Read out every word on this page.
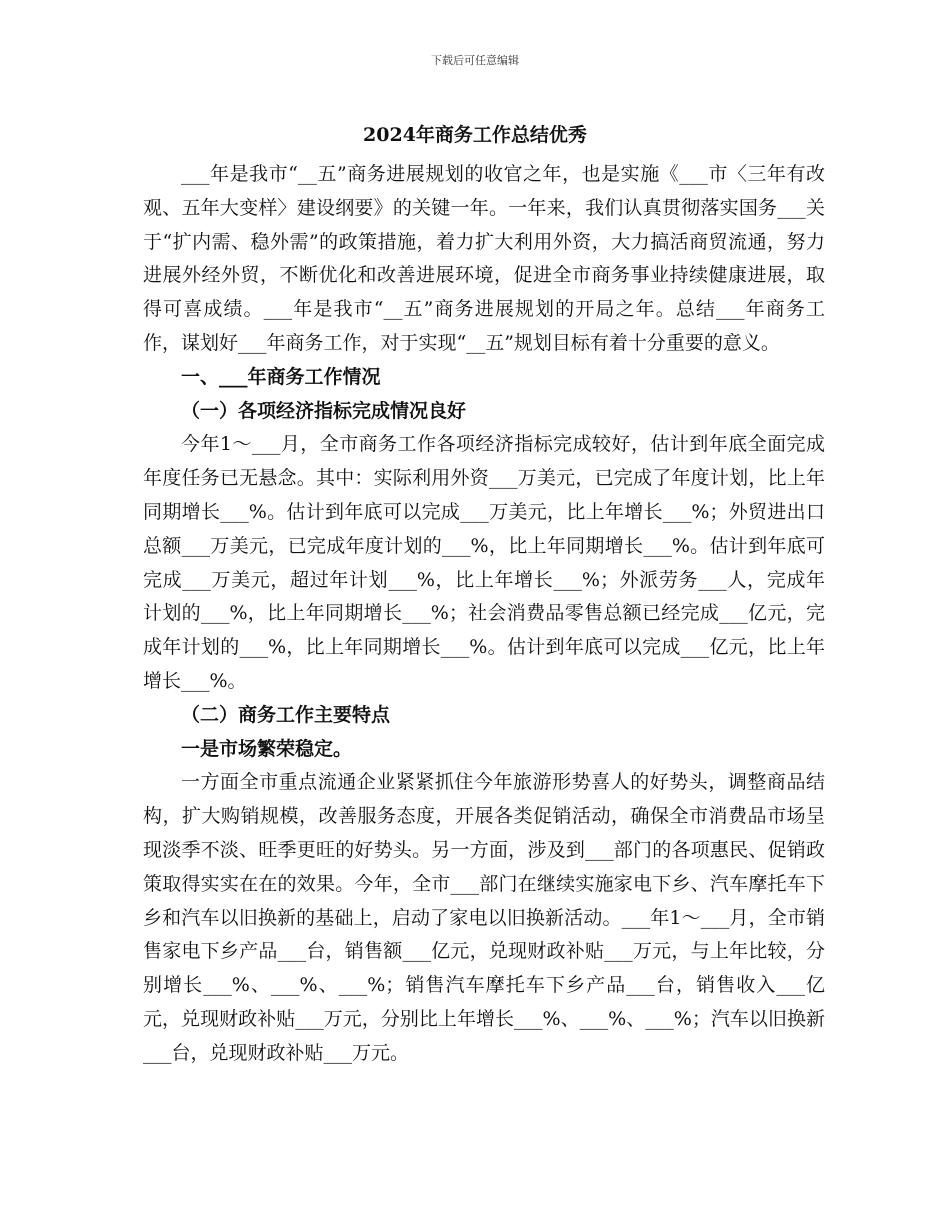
下载后可任意编辑
2024年商务工作总结优秀

___年是我市“__五”商务进展规划的收官之年，也是实施《___市〈三年有改观、五年大变样〉建设纲要》的关键一年。一年来，我们认真贯彻落实国务___关于“扩内需、稳外需”的政策措施，着力扩大利用外资，大力搞活商贸流通，努力进展外经外贸，不断优化和改善进展环境，促进全市商务事业持续健康进展，取得可喜成绩。___年是我市“__五”商务进展规划的开局之年。总结___年商务工作，谋划好___年商务工作，对于实现“__五”规划目标有着十分重要的意义。

一、___年商务工作情况

（一）各项经济指标完成情况良好

今年1～___月，全市商务工作各项经济指标完成较好，估计到年底全面完成年度任务已无悬念。其中：实际利用外资___万美元，已完成了年度计划，比上年同期增长___%。估计到年底可以完成___万美元，比上年增长___%；外贸进出口总额___万美元，已完成年度计划的___%，比上年同期增长___%。估计到年底可完成___万美元，超过年计划___%，比上年增长___%；外派劳务___人，完成年计划的___%，比上年同期增长___%；社会消费品零售总额已经完成___亿元，完成年计划的___%，比上年同期增长___%。估计到年底可以完成___亿元，比上年增长___%。

（二）商务工作主要特点

一是市场繁荣稳定。

一方面全市重点流通企业紧紧抓住今年旅游形势喜人的好势头，调整商品结构，扩大购销规模，改善服务态度，开展各类促销活动，确保全市消费品市场呈现淡季不淡、旺季更旺的好势头。另一方面，涉及到___部门的各项惠民、促销政策取得实实在在的效果。今年，全市___部门在继续实施家电下乡、汽车摩托车下乡和汽车以旧换新的基础上，启动了家电以旧换新活动。___年1～___月，全市销售家电下乡产品___台，销售额___亿元，兑现财政补贴___万元，与上年比较，分别增长___%、___%、___%；销售汽车摩托车下乡产品___台，销售收入___亿元，兑现财政补贴___万元，分别比上年增长___%、___%、___%；汽车以旧换新___台，兑现财政补贴___万元。
